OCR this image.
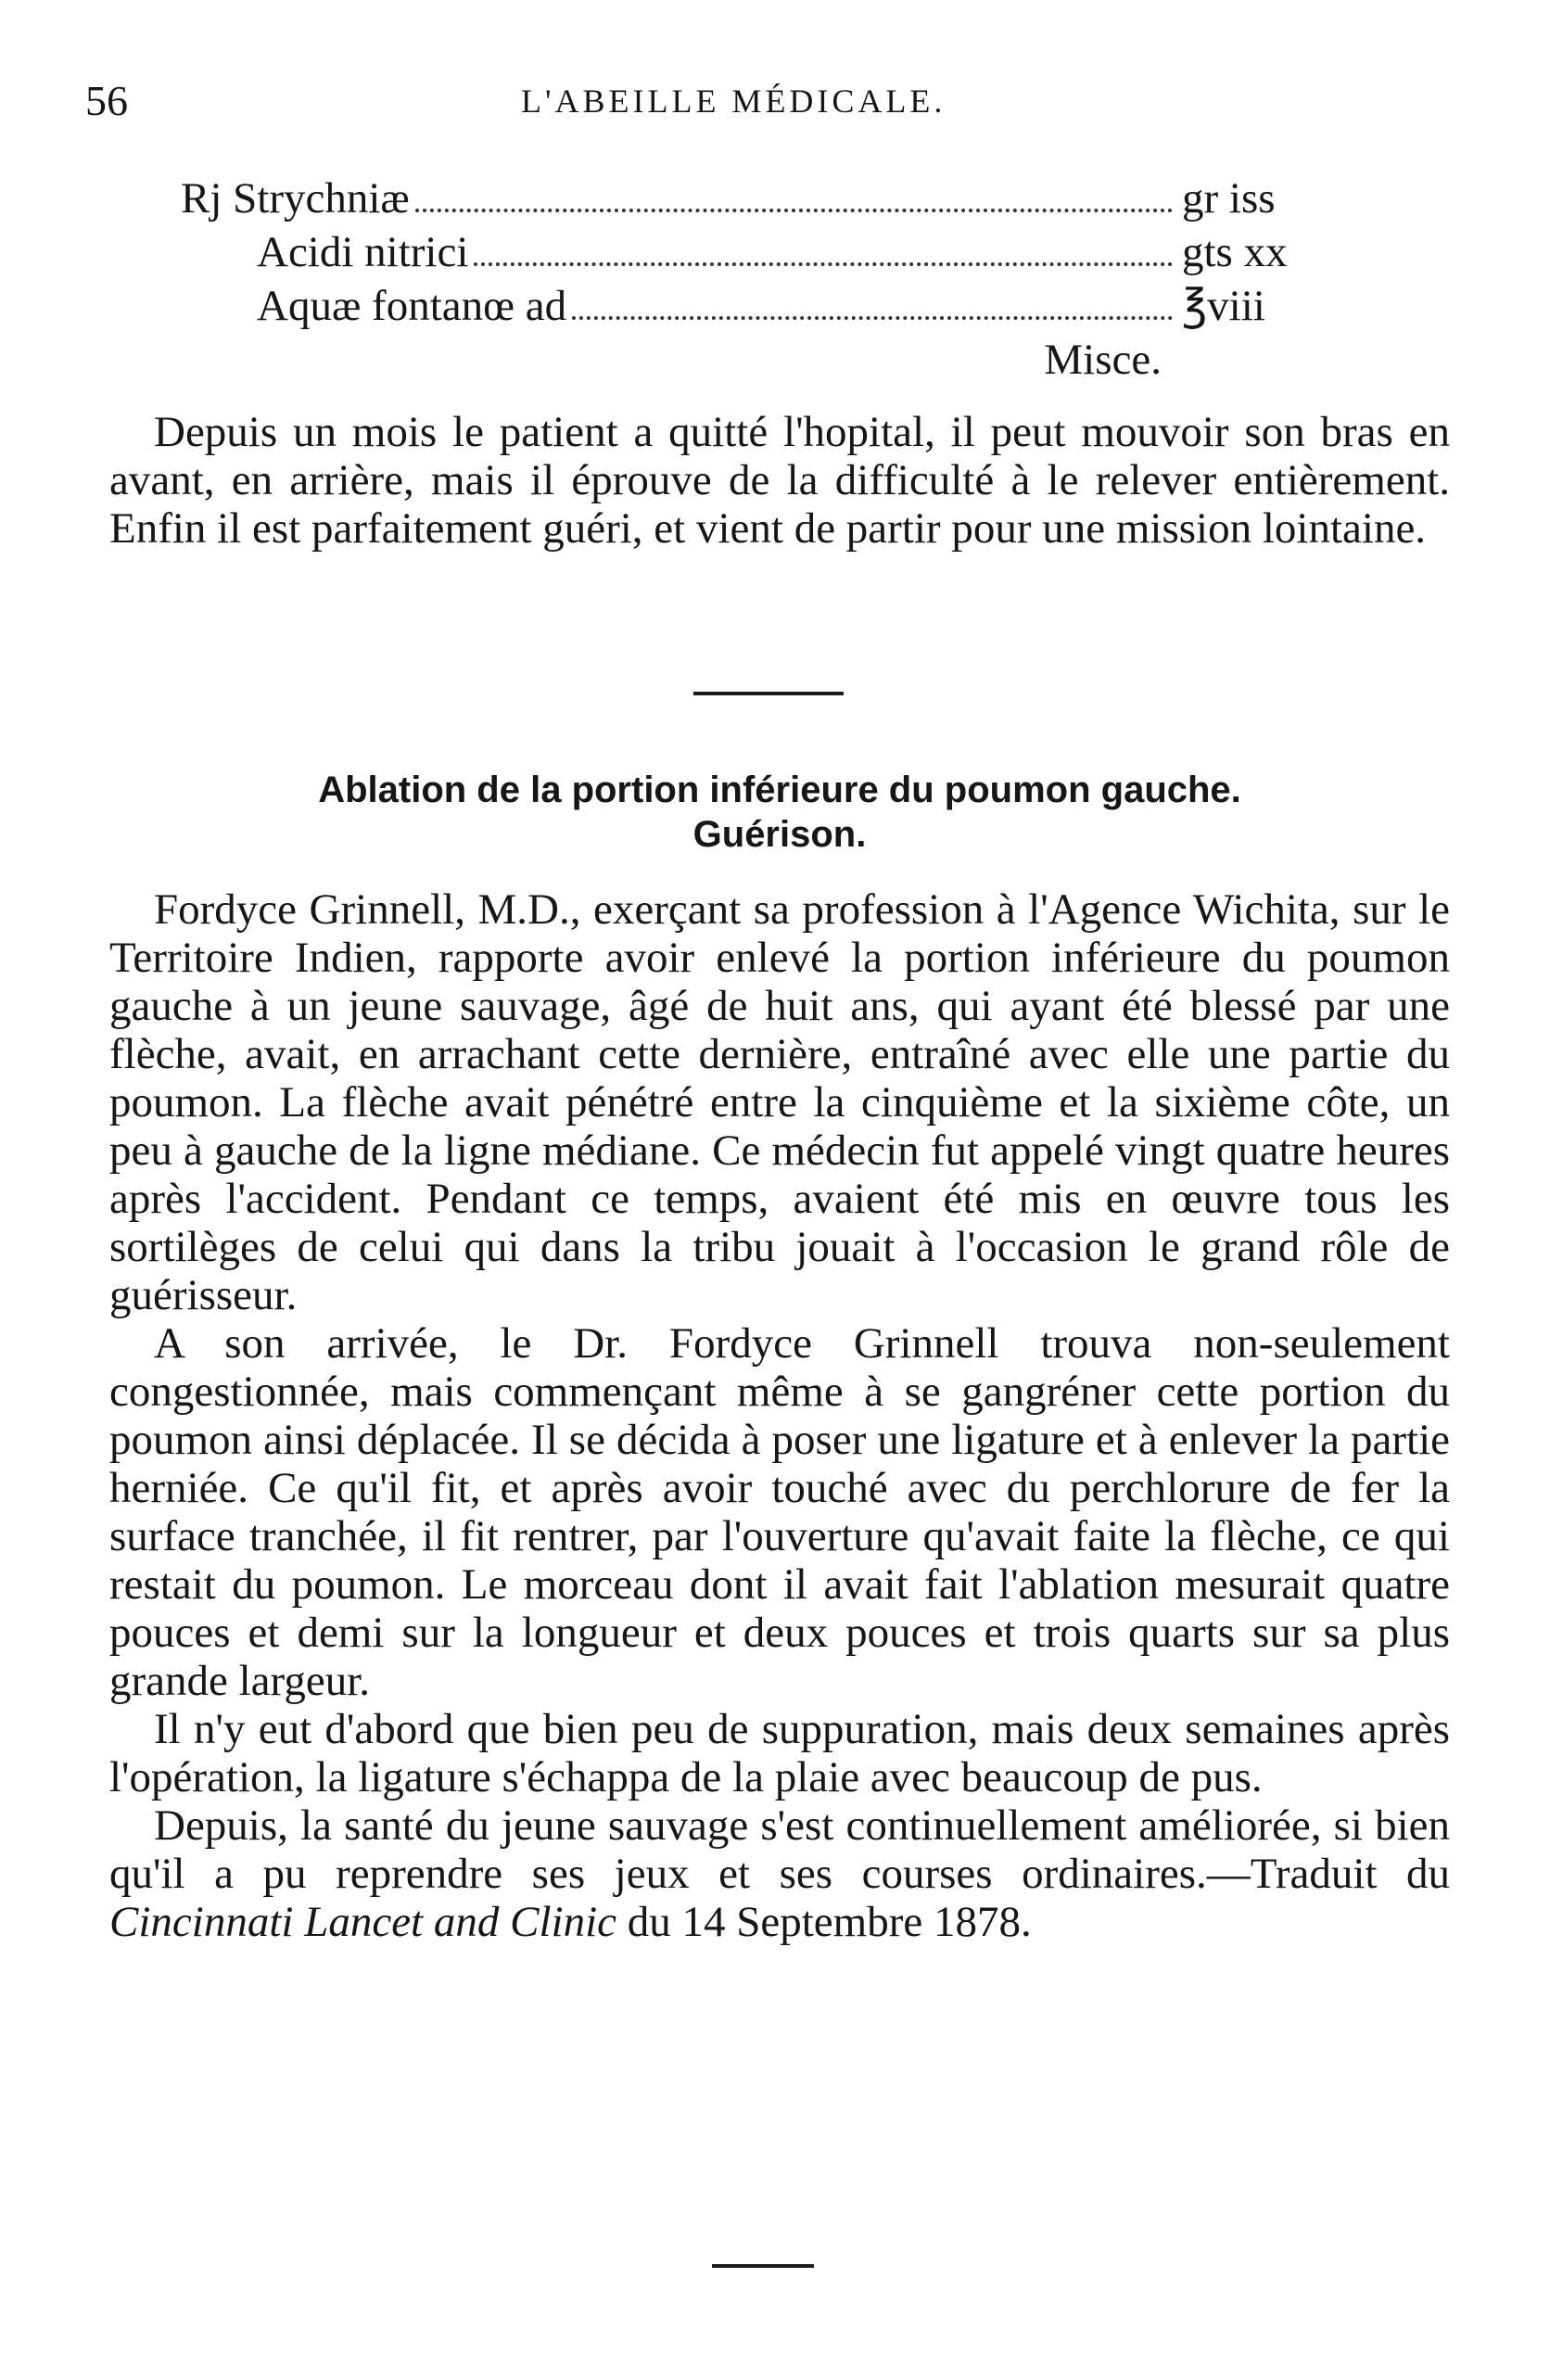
56	L'ABEILLE MÉDICALE.
Rj Strychniæ	gr iss
Acidi nitrici	gts xx
Aquæ fontanœ ad	℥viii
Misce.

Depuis un mois le patient a quitté l'hopital, il peut mouvoir son bras en avant, en arrière, mais il éprouve de la difficulté à le relever entièrement. Enfin il est parfaitement guéri, et vient de partir pour une mission lointaine.

Ablation de la portion inférieure du poumon gauche.
Guérison.

Fordyce Grinnell, M.D., exerçant sa profession à l'Agence Wichita, sur le Territoire Indien, rapporte avoir enlevé la portion inférieure du poumon gauche à un jeune sauvage, âgé de huit ans, qui ayant été blessé par une flèche, avait, en arrachant cette dernière, entraîné avec elle une partie du poumon. La flèche avait pénétré entre la cinquième et la sixième côte, un peu à gauche de la ligne médiane. Ce médecin fut appelé vingt quatre heures après l'accident. Pendant ce temps, avaient été mis en œuvre tous les sortilèges de celui qui dans la tribu jouait à l'occasion le grand rôle de guérisseur.

A son arrivée, le Dr. Fordyce Grinnell trouva non-seulement congestionnée, mais commençant même à se gangréner cette portion du poumon ainsi déplacée. Il se décida à poser une ligature et à enlever la partie herniée. Ce qu'il fit, et après avoir touché avec du perchlorure de fer la surface tranchée, il fit rentrer, par l'ouverture qu'avait faite la flèche, ce qui restait du poumon. Le morceau dont il avait fait l'ablation mesurait quatre pouces et demi sur la longueur et deux pouces et trois quarts sur sa plus grande largeur.

Il n'y eut d'abord que bien peu de suppuration, mais deux semaines après l'opération, la ligature s'échappa de la plaie avec beaucoup de pus.

Depuis, la santé du jeune sauvage s'est continuellement améliorée, si bien qu'il a pu reprendre ses jeux et ses courses ordinaires.—Traduit du Cincinnati Lancet and Clinic du 14 Septembre 1878.
